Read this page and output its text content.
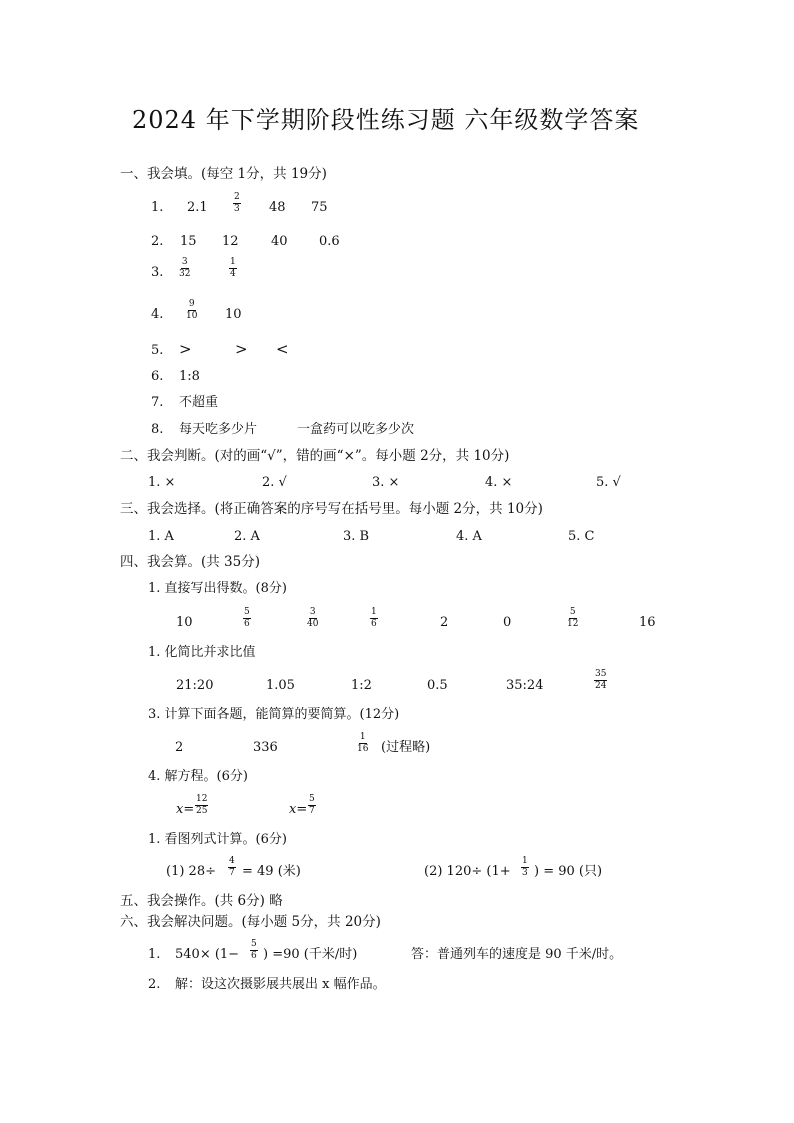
2024 年下学期阶段性练习题 六年级数学答案
一、我会填。(每空 1分，共 19分)
1. 2.1	$\frac{2}{3} 48$ 75
2. 15 12 40 0.6
3. $\frac{3}{32}$	$\frac{1}{4}$
4. $\frac{9}{10} 10$
5. >	> <
6. 1:8
7. 不超重
8. 每天吃多少片	一盒药可以吃多少次
二、我会判断。(对的画“√”，错的画“×”。每小题 2分，共 10分)
1. ×	2. √	3. ×	4. ×	5. √
三、我会选择。(将正确答案的序号写在括号里。每小题 2分，共 10分)
1. A	2. A	3. B	4. A	5. C
四、我会算。(共 35分)
1. 直接写出得数。(8分)
10	$\frac{5}{6}$	$\frac{3}{40}$	$\frac{1}{6}$	2	0	$\frac{5}{12}$	16
1. 化简比并求比值
21:20	1.05	1:2	0.5	35:24	$\frac{35}{24}$
3. 计算下面各题，能简算的要简算。(12分)
2	336	$\frac{1}{16}$ (过程略)
4. 解方程。(6分)
$x= \frac{12}{25}$	$x= \frac{5}{7}$
1. 看图列式计算。(6分)
(1) $28\div \frac{4}{7} = 49$ (米)	(2) $120\div (1+ \frac{1}{3}$ ) = 90 (只)
五、我会操作。(共 6分) 略
六、我会解决问题。(每小题 5分，共 20分)
1. $540\times (1- \frac{5}{6}$ ) =90 (千米/时)	答：普通列车的速度是 90 千米/时。
2. 解：设这次摄影展共展出 x 幅作品。
